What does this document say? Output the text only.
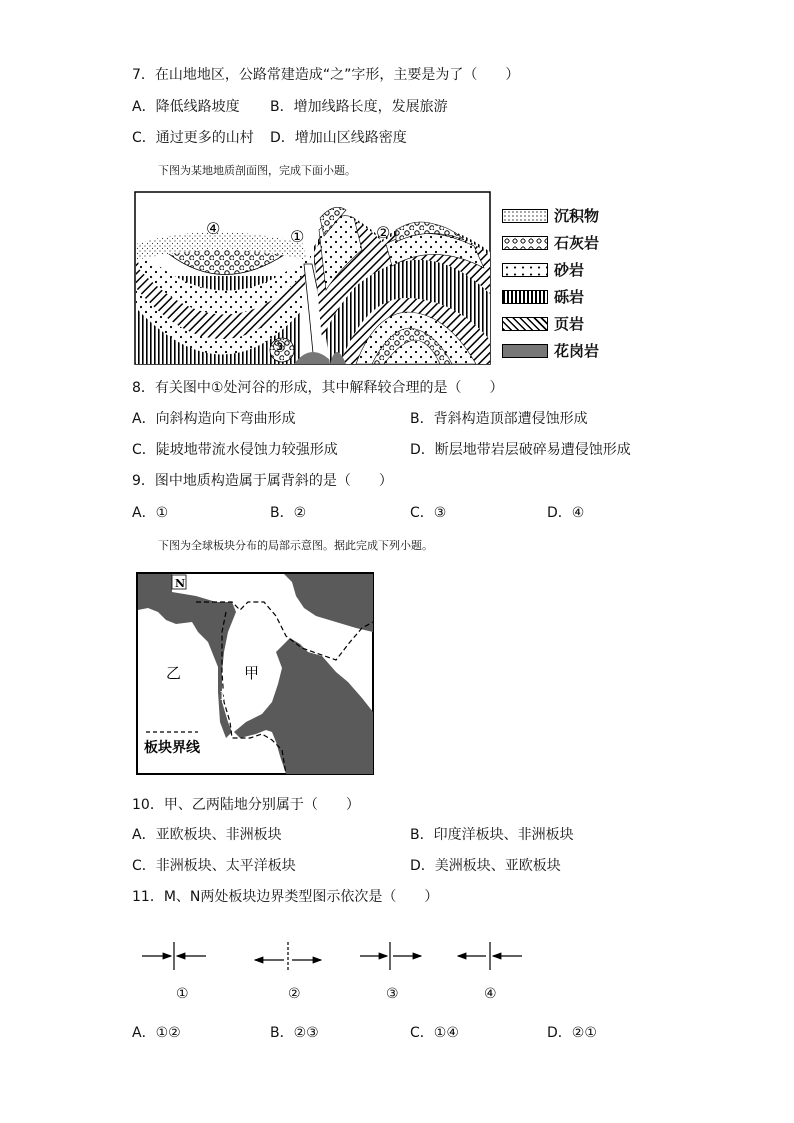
7．在山地地区，公路常建造成“之”字形，主要是为了（　　）
A．降低线路坡度 B．增加线路长度，发展旅游
C．通过更多的山村 D．增加山区线路密度
下图为某地地质剖面图，完成下面小题。
④	①	②
③
沉积物
石灰岩
砂岩
砾岩
页岩
花岗岩
8．有关图中①处河谷的形成，其中解释较合理的是（　　）
A．向斜构造向下弯曲形成	B．背斜构造顶部遭侵蚀形成
C．陡坡地带流水侵蚀力较强形成	D．断层地带岩层破碎易遭侵蚀形成
9．图中地质构造属于属背斜的是（　　）
A．①	B．②	C．③	D．④
下图为全球板块分布的局部示意图。据此完成下列小题。
N
M
乙	甲
板块界线
10．甲、乙两陆地分别属于（　　）
A．亚欧板块、非洲板块	B．印度洋板块、非洲板块
C．非洲板块、太平洋板块	D．美洲板块、亚欧板块
11．M、N两处板块边界类型图示依次是（　　）
①	②	③	④
A．①②	B．②③	C．①④	D．②①
